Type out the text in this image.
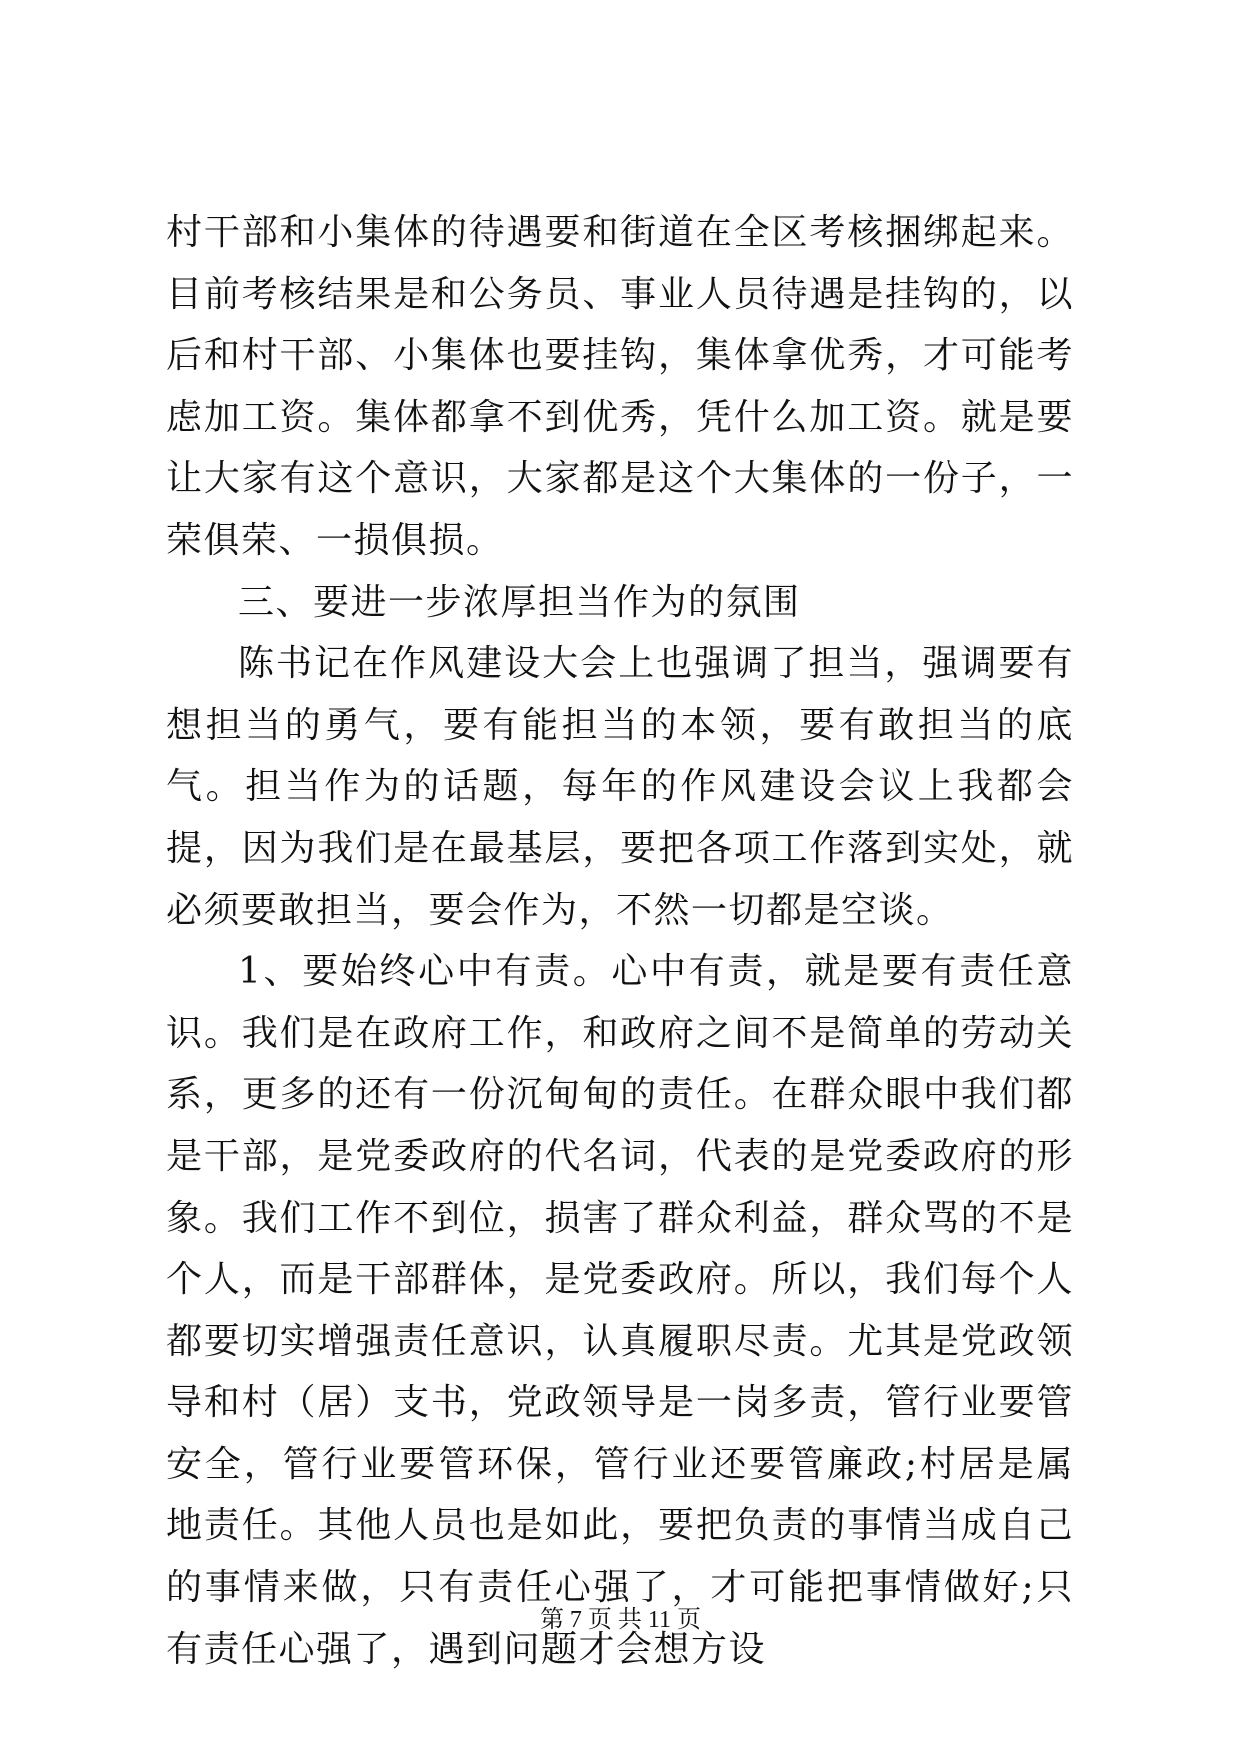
村干部和小集体的待遇要和街道在全区考核捆绑起来。目前考核结果是和公务员、事业人员待遇是挂钩的，以后和村干部、小集体也要挂钩，集体拿优秀，才可能考虑加工资。集体都拿不到优秀，凭什么加工资。就是要让大家有这个意识，大家都是这个大集体的一份子，一荣俱荣、一损俱损。

三、要进一步浓厚担当作为的氛围

陈书记在作风建设大会上也强调了担当，强调要有想担当的勇气，要有能担当的本领，要有敢担当的底气。担当作为的话题，每年的作风建设会议上我都会提，因为我们是在最基层，要把各项工作落到实处，就必须要敢担当，要会作为，不然一切都是空谈。

1、要始终心中有责。心中有责，就是要有责任意识。我们是在政府工作，和政府之间不是简单的劳动关系，更多的还有一份沉甸甸的责任。在群众眼中我们都是干部，是党委政府的代名词，代表的是党委政府的形象。我们工作不到位，损害了群众利益，群众骂的不是个人，而是干部群体，是党委政府。所以，我们每个人都要切实增强责任意识，认真履职尽责。尤其是党政领导和村（居）支书，党政领导是一岗多责，管行业要管安全，管行业要管环保，管行业还要管廉政;村居是属地责任。其他人员也是如此，要把负责的事情当成自己的事情来做，只有责任心强了，才可能把事情做好;只有责任心强了，遇到问题才会想方设

第 7 页 共 11 页
